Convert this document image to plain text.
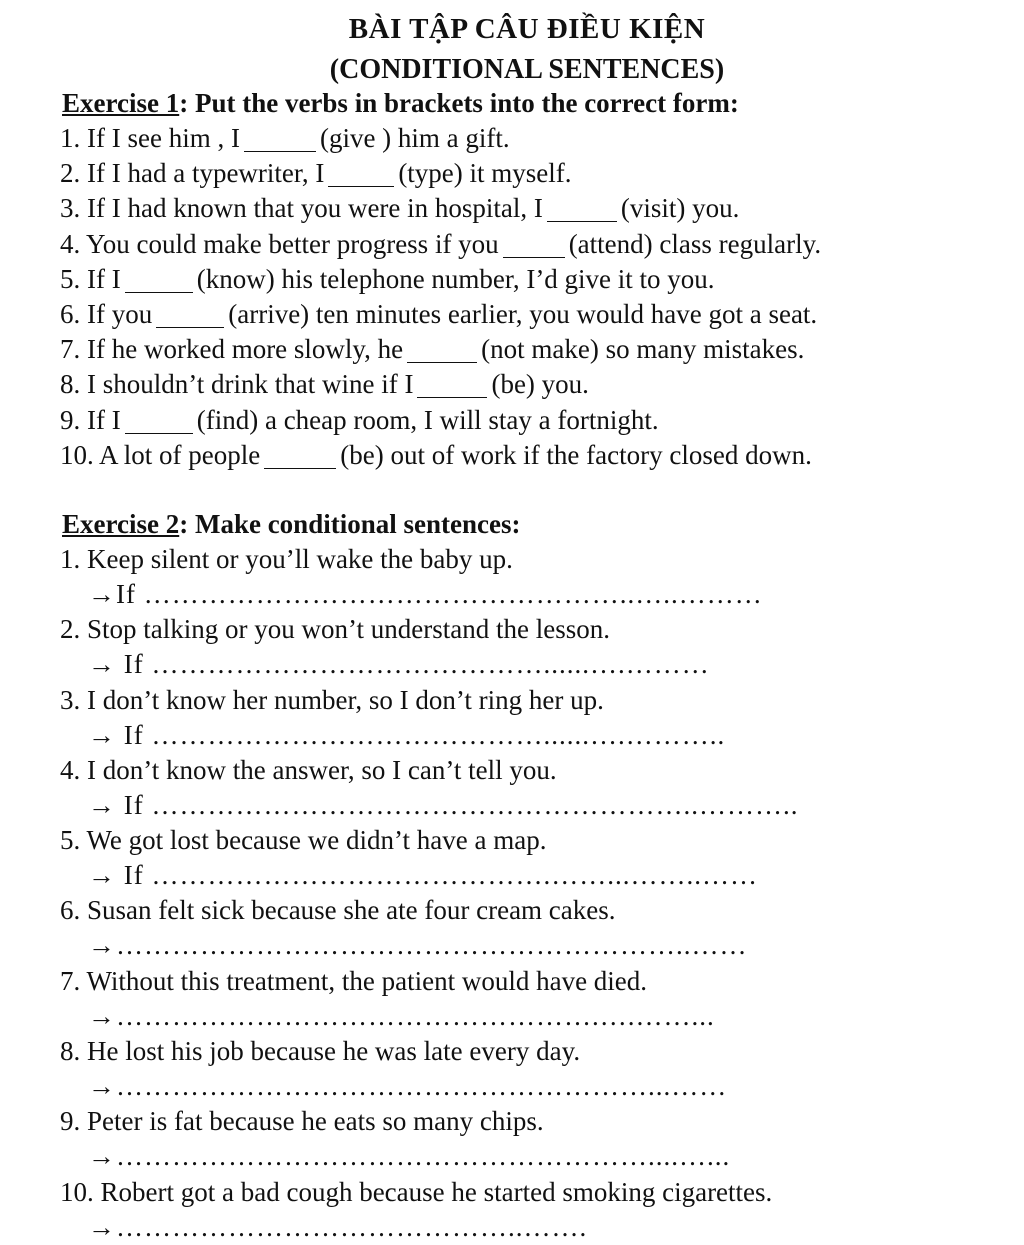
BÀI TẬP CÂU ĐIỀU KIỆN
(CONDITIONAL SENTENCES)
Exercise 1: Put the verbs in brackets into the correct form:
1. If I see him , I	(give ) him a gift.
2. If I had a typewriter, I	(type) it myself.
3. If I had known that you were in hospital, I	(visit) you.
4. You could make better progress if you	(attend) class regularly.
5. If I	(know) his telephone number, I’d give it to you.
6. If you	(arrive) ten minutes earlier, you would have got a seat.
7. If he worked more slowly, he	(not make) so many mistakes.
8. I shouldn’t drink that wine if I	(be) you.
9. If I	(find) a cheap room, I will stay a fortnight.
10. A lot of people	(be) out of work if the factory closed down.
Exercise 2: Make conditional sentences:
1. Keep silent or you’ll wake the baby up.
→If ……………………………………………..…..………
2. Stop talking or you won’t understand the lesson.
→ If ……………………………………......….………
3. I don’t know her number, so I don’t ring her up.
→ If ……………………………………......….………..
4. I don’t know the answer, so I can’t tell you.
→ If …………………………………………………..………..
5. We got lost because we didn’t have a map.
→ If …………………………………….……...……..……
6. Susan felt sick because she ate four cream cakes.
→……………………………………………………..……
7. Without this treatment, the patient would have died.
→…………………………………………….….……...
8. He lost his job because he was late every day.
→…………………………………………………...……
9. Peter is fat because he eats so many chips.
→…………………………………………………....…...
10. Robert got a bad cough because he started smoking cigarettes.
→……………………………………..…….
